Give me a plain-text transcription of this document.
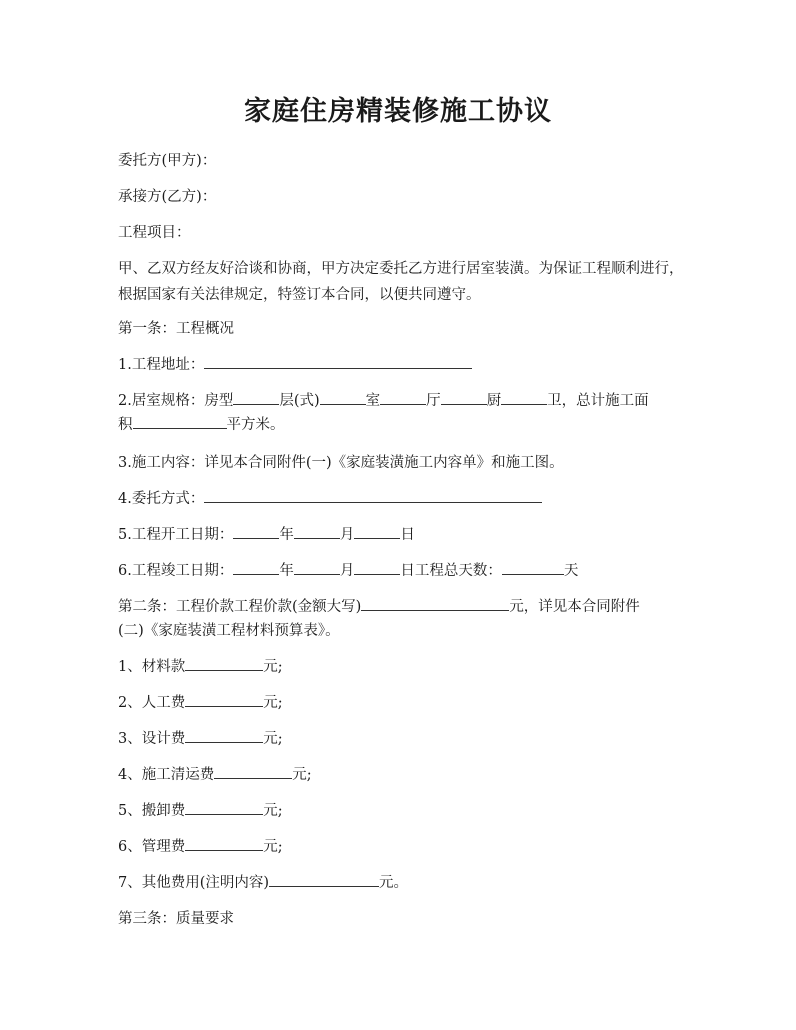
家庭住房精装修施工协议
委托方(甲方)：
承接方(乙方)：
工程项目：
甲、乙双方经友好洽谈和协商，甲方决定委托乙方进行居室装潢。为保证工程顺利进行，根据国家有关法律规定，特签订本合同，以便共同遵守。
第一条：工程概况
1.工程地址：
2.居室规格：房型	层(式)	室	厅	厨	卫，总计施工面
积	平方米。
3.施工内容：详见本合同附件(一)《家庭装潢施工内容单》和施工图。
4.委托方式：
5.工程开工日期：	年	月	日
6.工程竣工日期：	年	月	日工程总天数：	天
第二条：工程价款工程价款(金额大写)	元，详见本合同附件
(二)《家庭装潢工程材料预算表》。
1、材料款	元;
2、人工费	元;
3、设计费	元;
4、施工清运费	元;
5、搬卸费	元;
6、管理费	元;
7、其他费用(注明内容)	元。
第三条：质量要求
